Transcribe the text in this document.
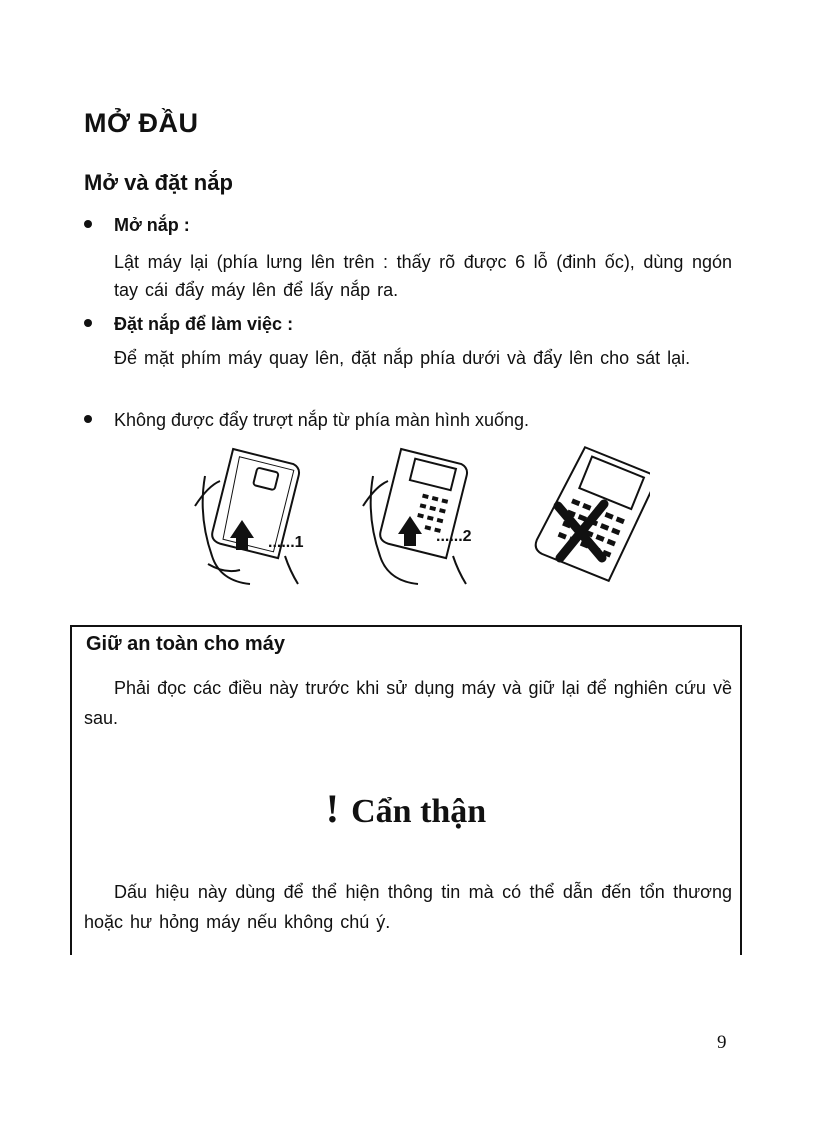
MỞ ĐẦU
Mở và đặt nắp
Mở nắp :
Lật máy lại (phía lưng lên trên : thấy rõ được 6 lỗ (đinh ốc), dùng ngón tay cái đẩy máy lên để lấy nắp ra.
Đặt nắp để làm việc :
Để mặt phím máy quay lên, đặt nắp phía dưới và đẩy lên cho sát lại.
Không được đẩy trượt nắp từ phía màn hình xuống.
......1	......2
Giữ an toàn cho máy
Phải đọc các điều này trước khi sử dụng máy và giữ lại để nghiên cứu về sau.
! Cẩn thận
Dấu hiệu này dùng để thể hiện thông tin mà có thể dẫn đến tổn thương hoặc hư hỏng máy nếu không chú ý.
9
